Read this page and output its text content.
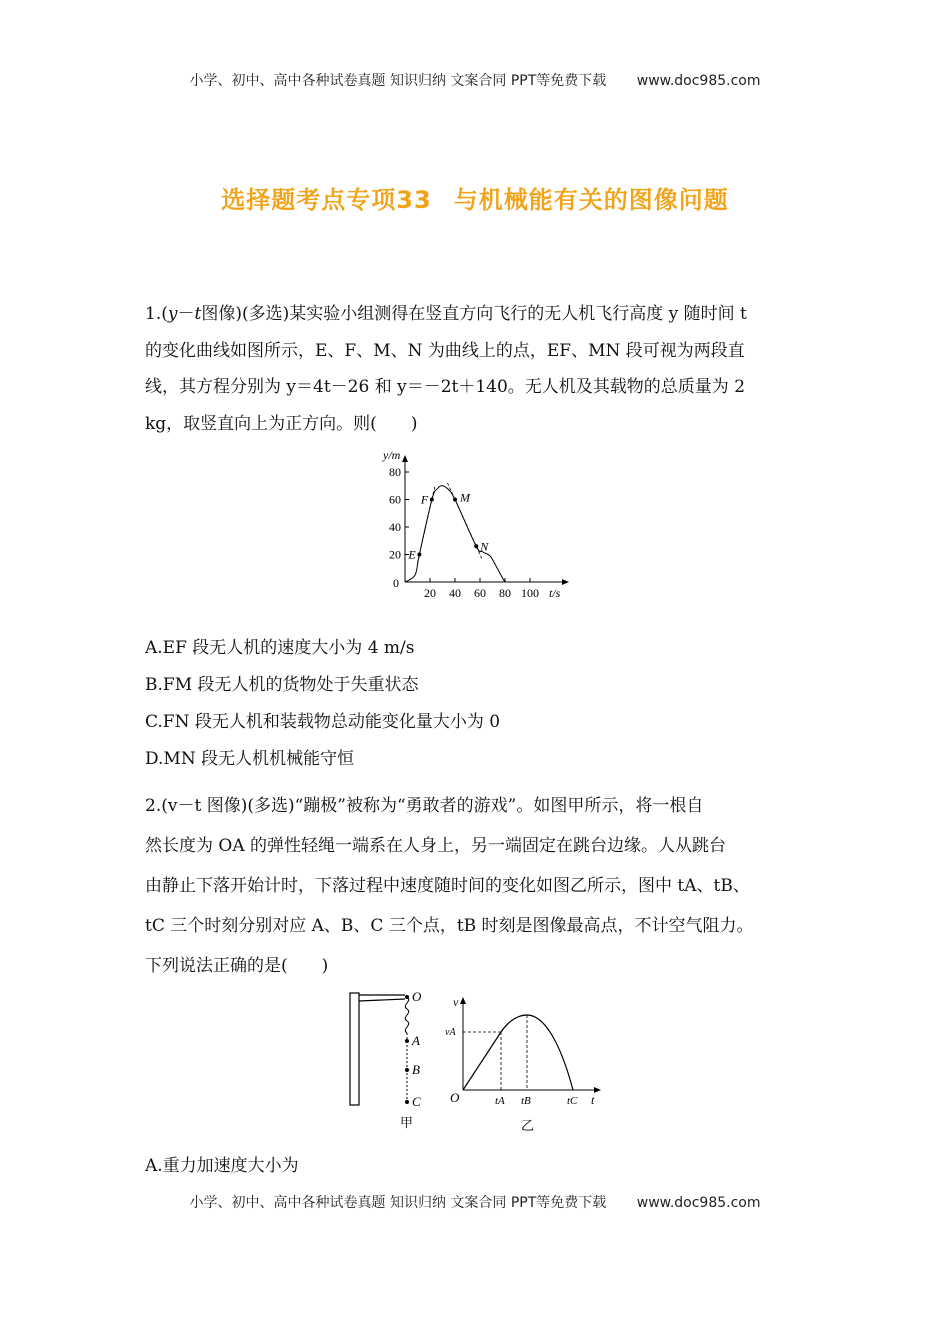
小学、初中、高中各种试卷真题 知识归纳 文案合同 PPT等免费下载 www.doc985.com
选择题考点专项33 与机械能有关的图像问题
1.(y－t图像)(多选)某实验小组测得在竖直方向飞行的无人机飞行高度 y 随时间 t
的变化曲线如图所示，E、F、M、N 为曲线上的点，EF、MN 段可视为两段直
线，其方程分别为 y＝4t－26 和 y＝－2t＋140。无人机及其载物的总质量为 2
kg，取竖直向上为正方向。则(　　)
20
40
60
80
0
20 40 60 80 100
y/m
t/s
E
F	M
N
A.EF 段无人机的速度大小为 4 m/s
B.FM 段无人机的货物处于失重状态
C.FN 段无人机和装载物总动能变化量大小为 0
D.MN 段无人机机械能守恒
2.(v－t 图像)(多选)“蹦极”被称为“勇敢者的游戏”。如图甲所示，将一根自
然长度为 OA 的弹性轻绳一端系在人身上，另一端固定在跳台边缘。人从跳台
由静止下落开始计时，下落过程中速度随时间的变化如图乙所示，图中 tA、tB、
tC 三个时刻分别对应 A、B、C 三个点，tB 时刻是图像最高点，不计空气阻力。
下列说法正确的是(　　)
O
A
B
C
甲
v
t
O
vA
tA tB	tC
乙
A.重力加速度大小为
小学、初中、高中各种试卷真题 知识归纳 文案合同 PPT等免费下载 www.doc985.com
